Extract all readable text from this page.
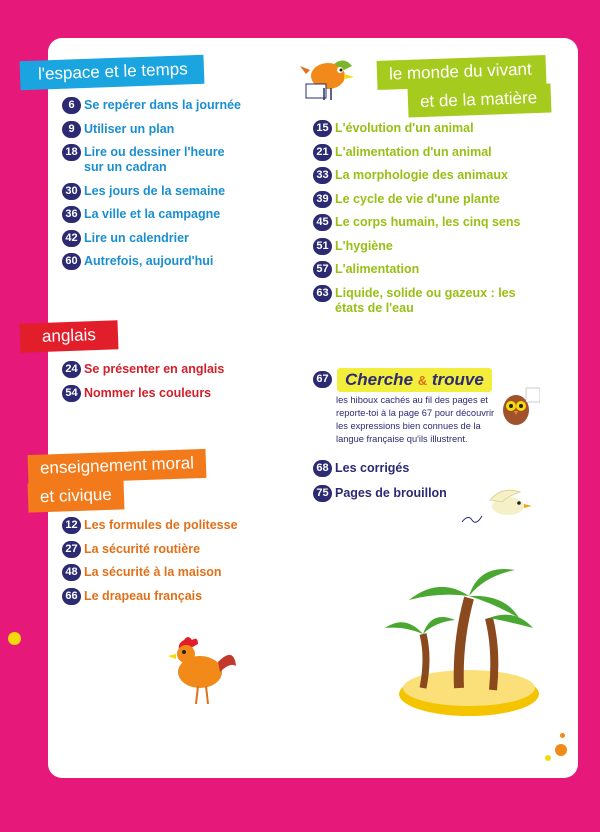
l'espace et le temps
6 Se repérer dans la journée
9 Utiliser un plan
18 Lire ou dessiner l'heure sur un cadran
30 Les jours de la semaine
36 La ville et la campagne
42 Lire un calendrier
60 Autrefois, aujourd'hui
anglais
24 Se présenter en anglais
54 Nommer les couleurs
enseignement moral
et civique
12 Les formules de politesse
27 La sécurité routière
48 La sécurité à la maison
66 Le drapeau français
le monde du vivant
et de la matière
15 L'évolution d'un animal
21 L'alimentation d'un animal
33 La morphologie des animaux
39 Le cycle de vie d'une plante
45 Le corps humain, les cinq sens
51 L'hygiène
57 L'alimentation
63 Liquide, solide ou gazeux : les états de l'eau
67 Cherche & trouve
les hiboux cachés au fil des pages et reporte-toi à la page 67 pour découvrir les expressions bien connues de la langue française qu'ils illustrent.
68 Les corrigés
75 Pages de brouillon
